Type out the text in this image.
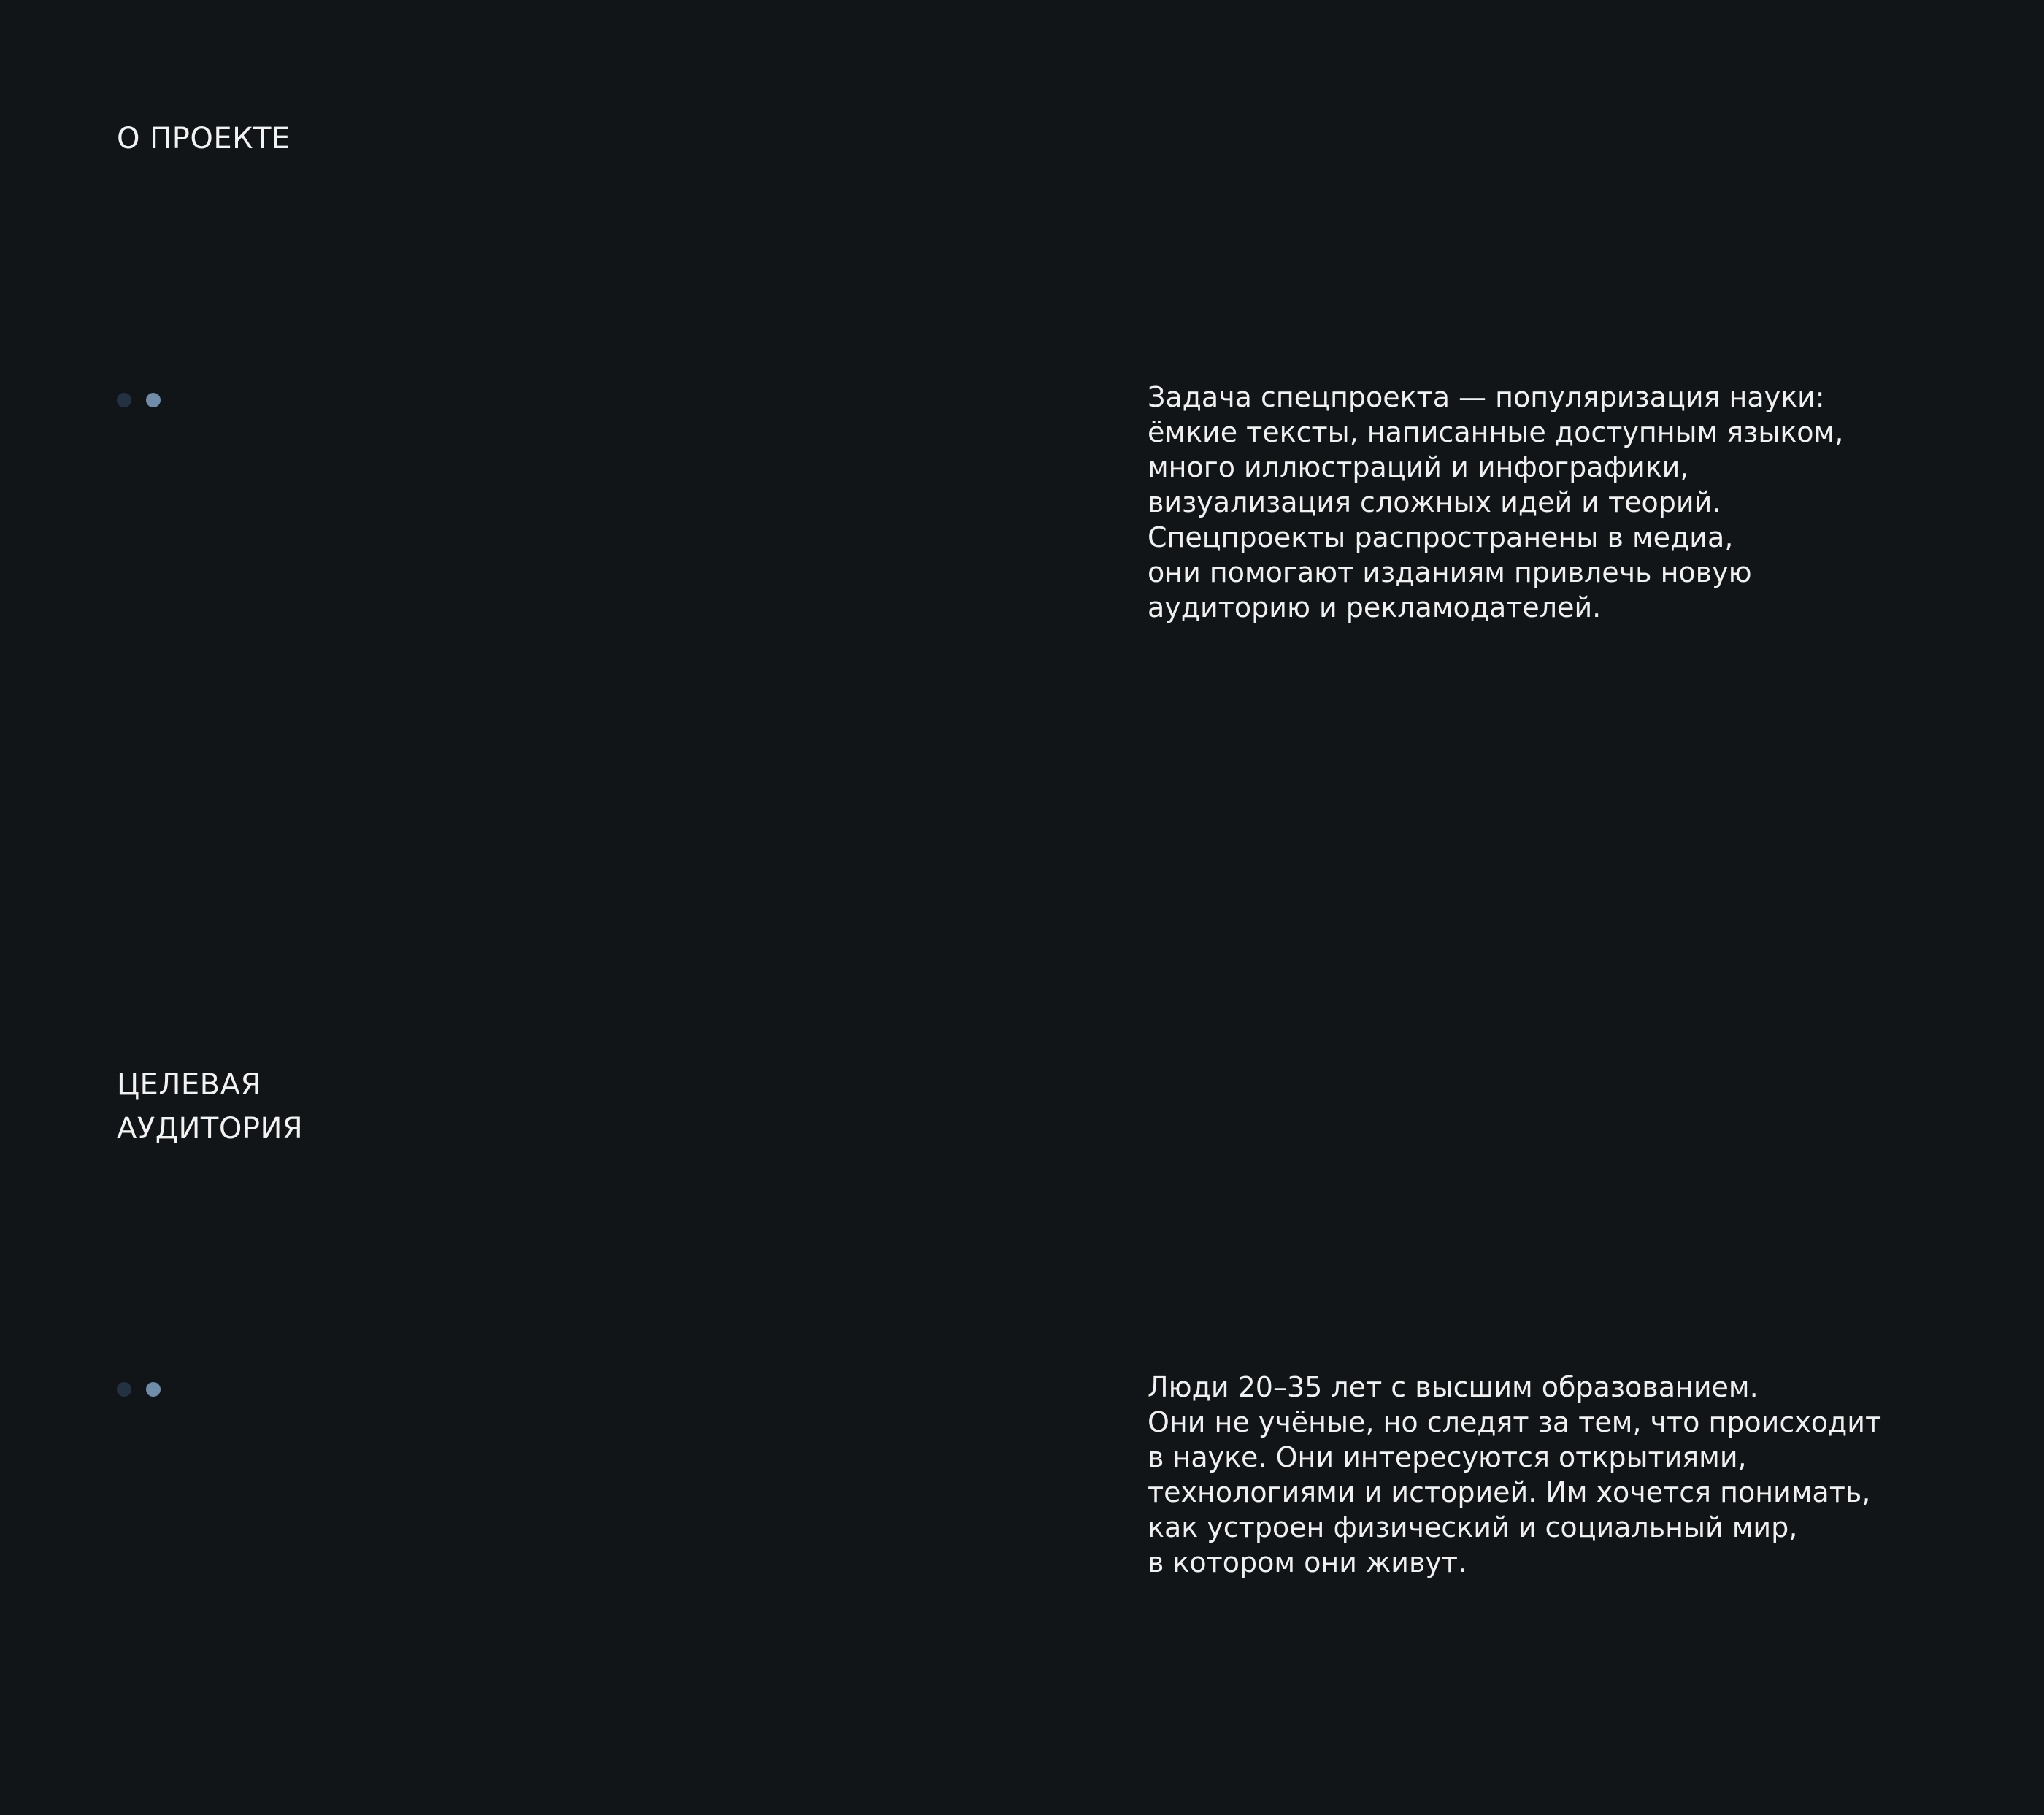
О ПРОЕКТЕ

Задача спецпроекта — популяризация науки:
ёмкие тексты, написанные доступным языком,
много иллюстраций и инфографики,
визуализация сложных идей и теорий.
Спецпроекты распространены в медиа,
они помогают изданиям привлечь новую
аудиторию и рекламодателей.

ЦЕЛЕВАЯ
АУДИТОРИЯ

Люди 20–35 лет с высшим образованием.
Они не учёные, но следят за тем, что происходит
в науке. Они интересуются открытиями,
технологиями и историей. Им хочется понимать,
как устроен физический и социальный мир,
в котором они живут.
